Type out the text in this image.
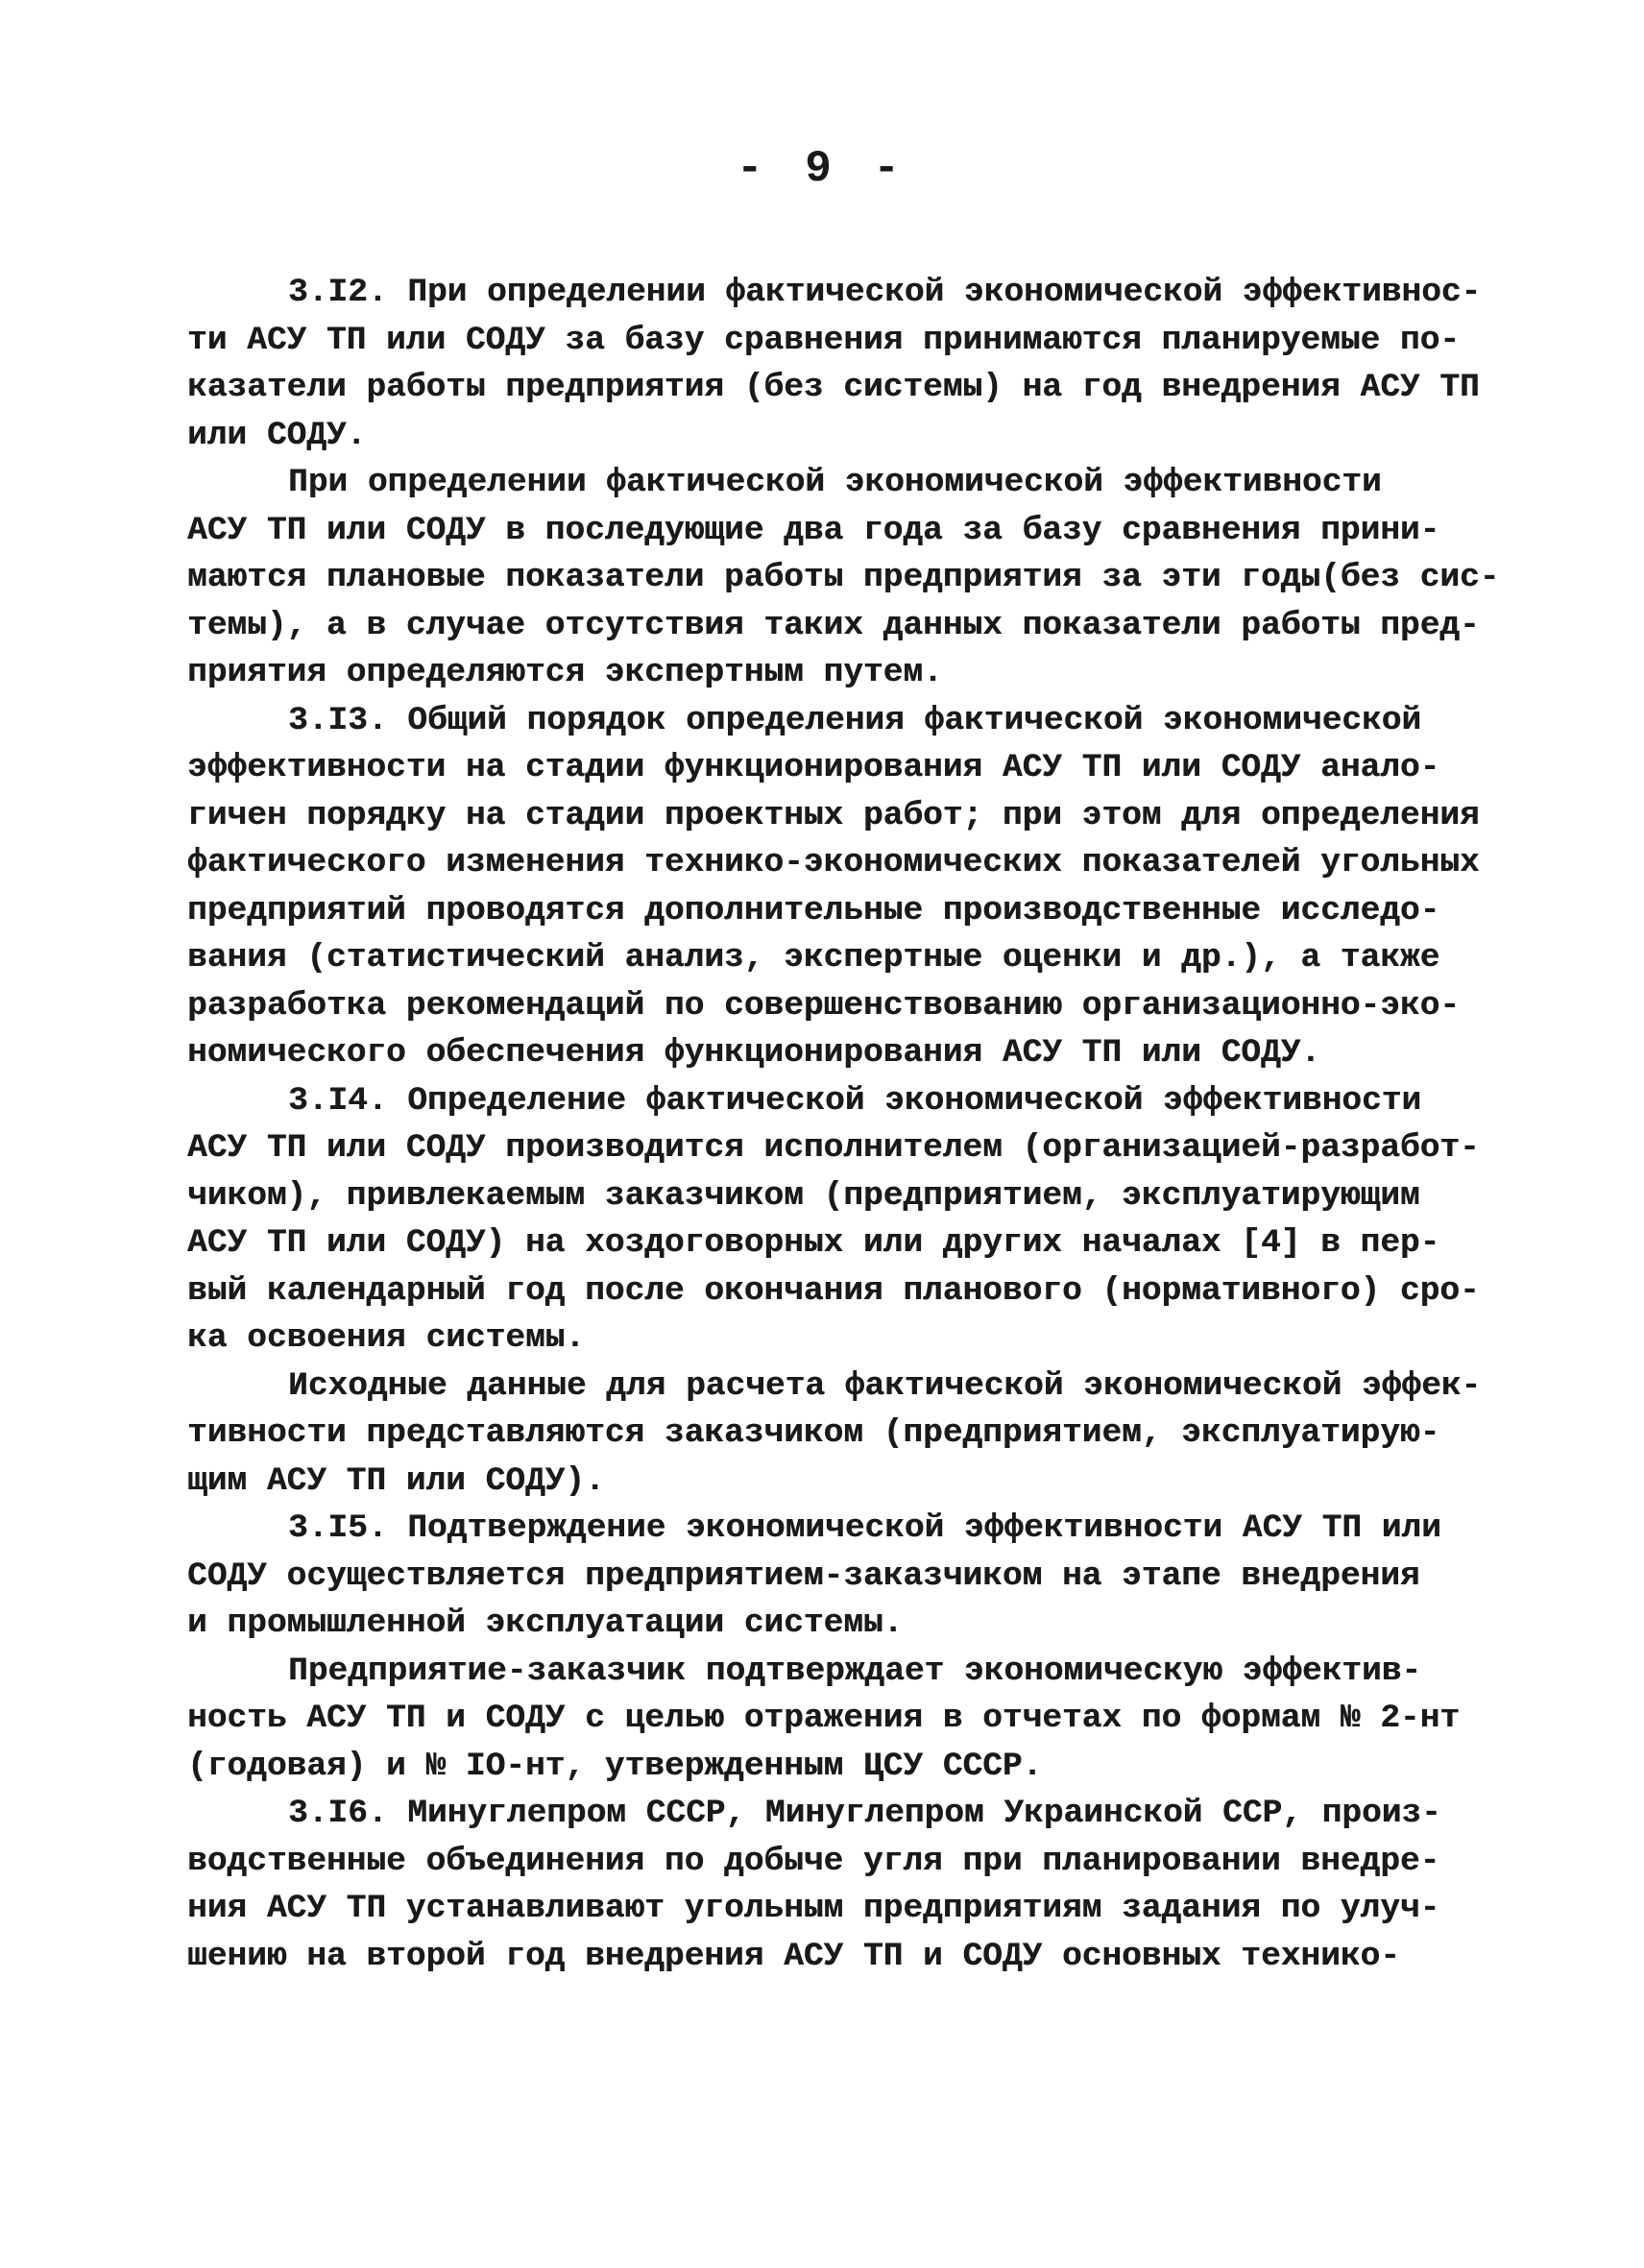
- 9 -
3.I2. При определении фактической экономической эффективнос-
ти АСУ ТП или СОДУ за базу сравнения принимаются планируемые по-
казатели работы предприятия (без системы) на год внедрения АСУ ТП
или СОДУ.
При определении фактической экономической эффективности
АСУ ТП или СОДУ в последующие два года за базу сравнения прини-
маются плановые показатели работы предприятия за эти годы(без сис-
темы), а в случае отсутствия таких данных показатели работы пред-
приятия определяются экспертным путем.
3.I3. Общий порядок определения фактической экономической
эффективности на стадии функционирования АСУ ТП или СОДУ анало-
гичен порядку на стадии проектных работ; при этом для определения
фактического изменения технико-экономических показателей угольных
предприятий проводятся дополнительные производственные исследо-
вания (статистический анализ, экспертные оценки и др.), а также
разработка рекомендаций по совершенствованию организационно-эко-
номического обеспечения функционирования АСУ ТП или СОДУ.
3.I4. Определение фактической экономической эффективности
АСУ ТП или СОДУ производится исполнителем (организацией-разработ-
чиком), привлекаемым заказчиком (предприятием, эксплуатирующим
АСУ ТП или СОДУ) на хоздоговорных или других началах [4] в пер-
вый календарный год после окончания планового (нормативного) сро-
ка освоения системы.
Исходные данные для расчета фактической экономической эффек-
тивности представляются заказчиком (предприятием, эксплуатирую-
щим АСУ ТП или СОДУ).
3.I5. Подтверждение экономической эффективности АСУ ТП или
СОДУ осуществляется предприятием-заказчиком на этапе внедрения
и промышленной эксплуатации системы.
Предприятие-заказчик подтверждает экономическую эффектив-
ность АСУ ТП и СОДУ с целью отражения в отчетах по формам № 2-нт
(годовая) и № IO-нт, утвержденным ЦСУ СССР.
3.I6. Минуглепром СССР, Минуглепром Украинской ССР, произ-
водственные объединения по добыче угля при планировании внедре-
ния АСУ ТП устанавливают угольным предприятиям задания по улуч-
шению на второй год внедрения АСУ ТП и СОДУ основных технико-
